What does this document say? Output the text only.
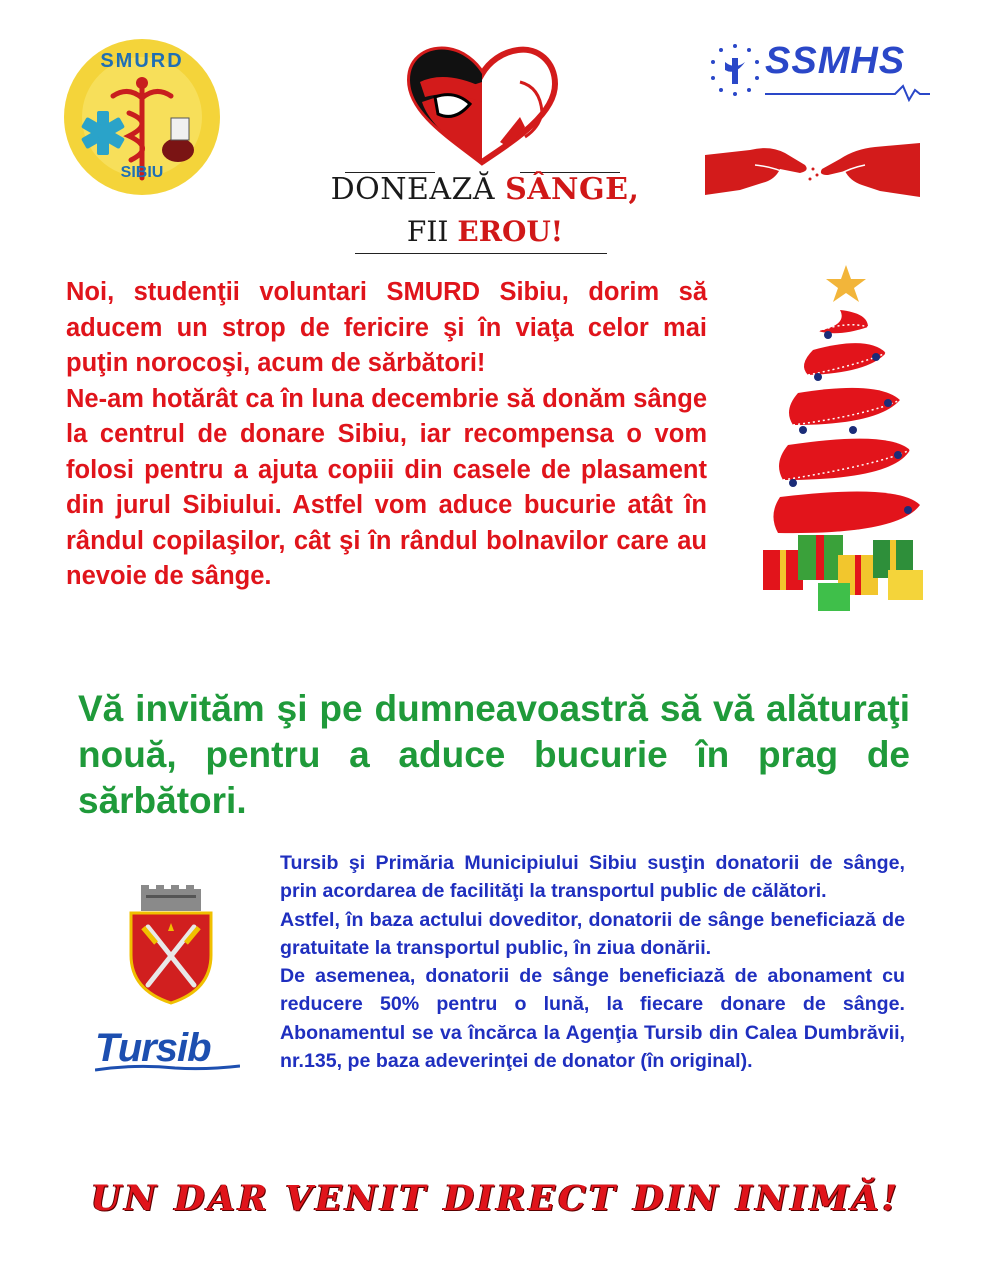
SMURD
SIBIU	DONEAZĂ SÂNGE,
FII EROU!
SSMHS

Noi, studenţii voluntari SMURD Sibiu, dorim să aducem un strop de fericire şi în viaţa celor mai puţin norocoşi, acum de sărbători!

Ne-am hotărât ca în luna decembrie să donăm sânge la centrul de donare Sibiu, iar recompensa o vom folosi pentru a ajuta copiii din casele de plasament din jurul Sibiului. Astfel vom aduce bucurie atât în rândul copilaşilor, cât şi în rândul bolnavilor care au nevoie de sânge.

Vă invităm şi pe dumneavoastră să vă alăturaţi nouă, pentru a aduce bucurie în prag de sărbători.
Tursib

Tursib şi Primăria Municipiului Sibiu susţin donatorii de sânge, prin acordarea de facilităţi la transportul public de călători.

Astfel, în baza actului doveditor, donatorii de sânge beneficiază de gratuitate la transportul public, în ziua donării.

De asemenea, donatorii de sânge beneficiază de abonament cu reducere 50% pentru o lună, la fiecare donare de sânge. Abonamentul se va încărca la Agenţia Tursib din Calea Dumbrăvii, nr.135, pe baza adeverinţei de donator (în original).

UN DAR VENIT DIRECT DIN INIMĂ!
